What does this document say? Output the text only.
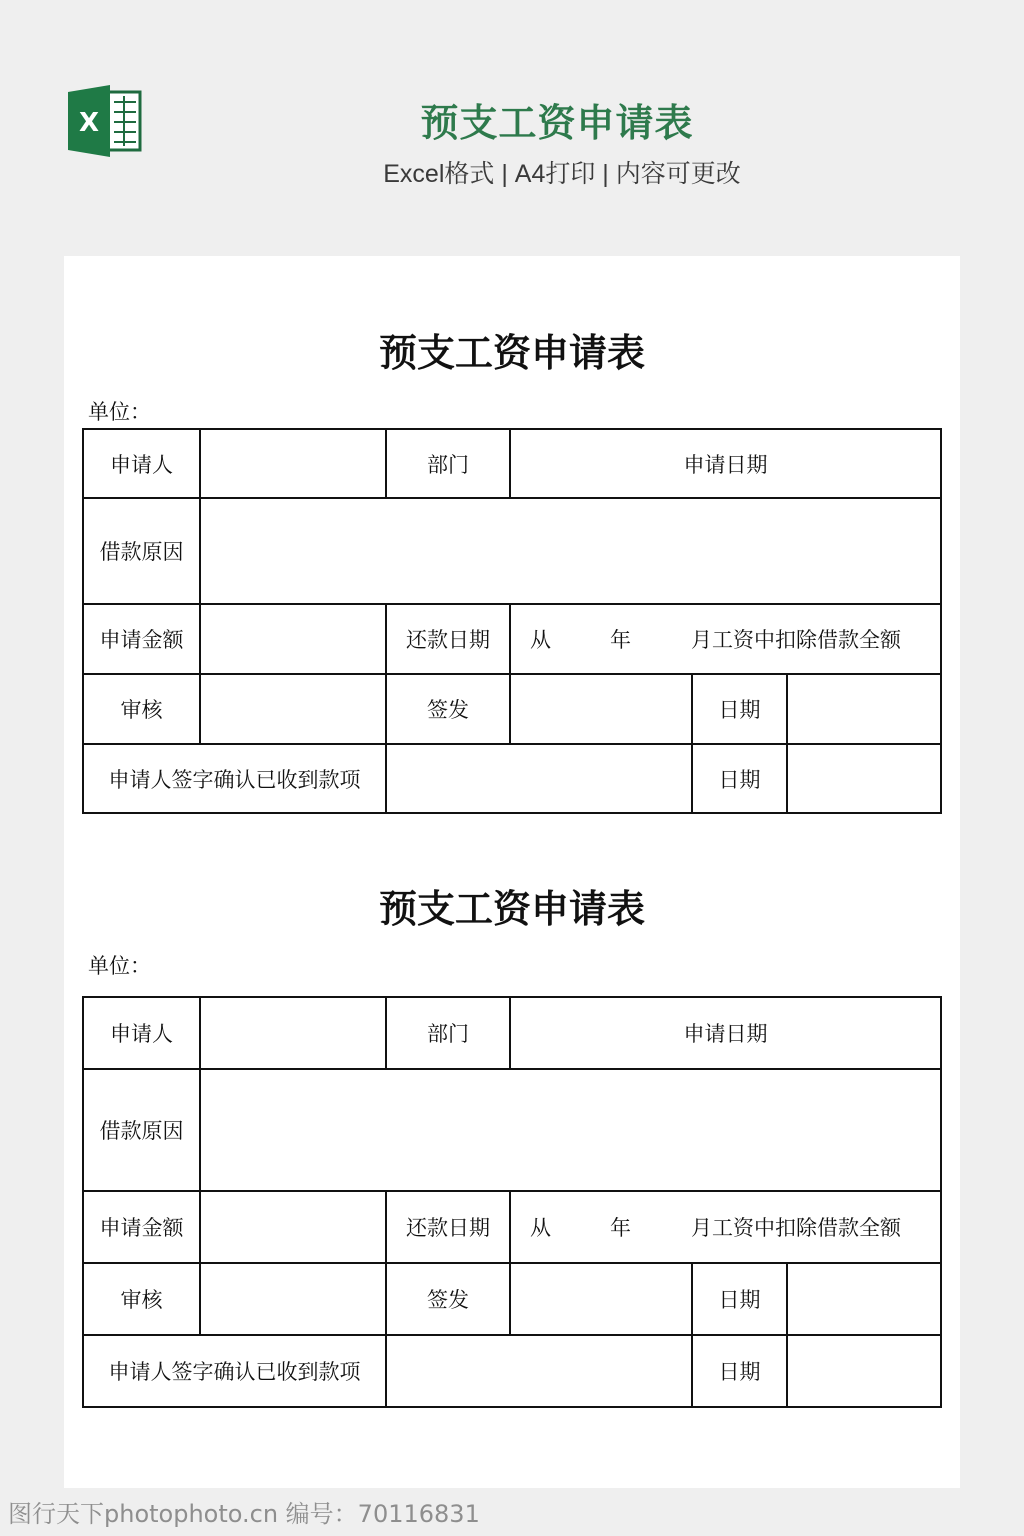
X	预支工资申请表
Excel格式 | A4打印 | 内容可更改
预支工资申请表
单位：
申请人	部门	申请日期
借款原因
申请金额	还款日期	从	年	月工资中扣除借款全额
审核	签发	日期
申请人签字确认已收到款项	日期
预支工资申请表
单位：
申请人	部门	申请日期
借款原因
申请金额	还款日期	从	年	月工资中扣除借款全额
审核	签发	日期
申请人签字确认已收到款项	日期
图行天下photophoto.cn 编号：70116831
